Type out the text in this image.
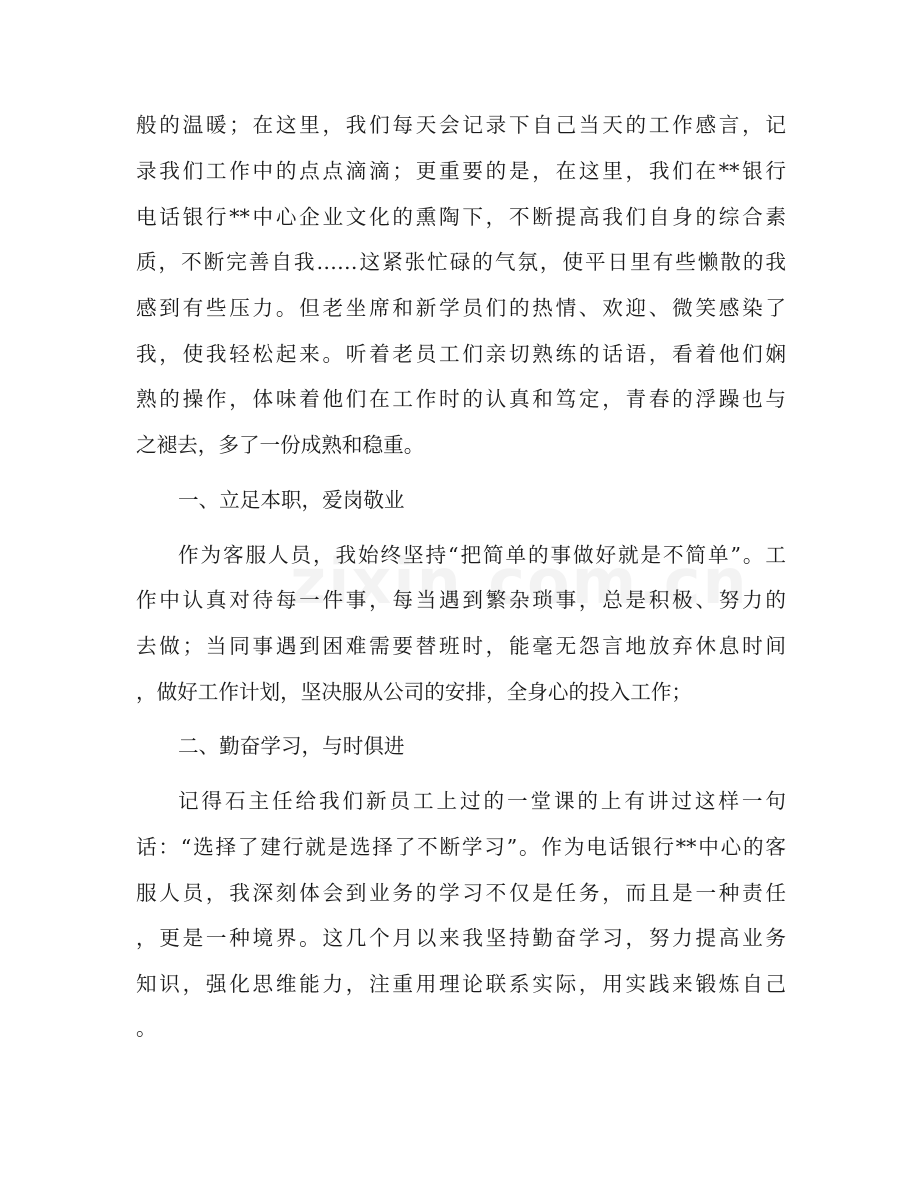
般的温暖；在这里，我们每天会记录下自己当天的工作感言，记
录我们工作中的点点滴滴；更重要的是，在这里，我们在**银行
电话银行**中心企业文化的熏陶下，不断提高我们自身的综合素
质，不断完善自我……这紧张忙碌的气氛，使平日里有些懒散的我
感到有些压力。但老坐席和新学员们的热情、欢迎、微笑感染了
我，使我轻松起来。听着老员工们亲切熟练的话语，看着他们娴
熟的操作，体味着他们在工作时的认真和笃定，青春的浮躁也与
之褪去，多了一份成熟和稳重。
一、立足本职，爱岗敬业
作为客服人员，我始终坚持“把简单的事做好就是不简单”。工
作中认真对待每一件事，每当遇到繁杂琐事，总是积极、努力的
去做；当同事遇到困难需要替班时，能毫无怨言地放弃休息时间
，做好工作计划，坚决服从公司的安排，全身心的投入工作；
二、勤奋学习，与时俱进
记得石主任给我们新员工上过的一堂课的上有讲过这样一句
话：“选择了建行就是选择了不断学习”。作为电话银行**中心的客
服人员，我深刻体会到业务的学习不仅是任务，而且是一种责任
，更是一种境界。这几个月以来我坚持勤奋学习，努力提高业务
知识，强化思维能力，注重用理论联系实际，用实践来锻炼自己
。
